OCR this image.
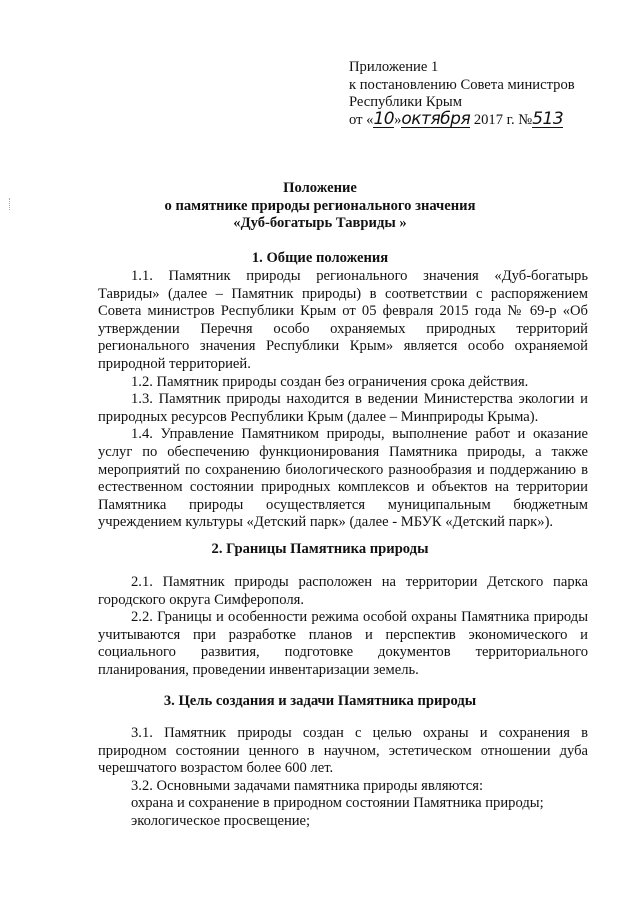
Приложение 1
к постановлению Совета министров
Республики Крым
от «10»октября 2017 г. №513
Положение
о памятнике природы регионального значения
«Дуб-богатырь Тавриды »
1. Общие положения

1.1. Памятник природы регионального значения «Дуб-богатырь Тавриды» (далее – Памятник природы) в соответствии с распоряжением Совета министров Республики Крым от 05 февраля 2015 года № 69-р «Об утверждении Перечня особо охраняемых природных территорий регионального значения Республики Крым» является особо охраняемой природной территорией.

1.2. Памятник природы создан без ограничения срока действия.

1.3. Памятник природы находится в ведении Министерства экологии и природных ресурсов Республики Крым (далее – Минприроды Крыма).

1.4. Управление Памятником природы, выполнение работ и оказание услуг по обеспечению функционирования Памятника природы, а также мероприятий по сохранению биологического разнообразия и поддержанию в естественном состоянии природных комплексов и объектов на территории Памятника природы осуществляется муниципальным бюджетным учреждением культуры «Детский парк» (далее - МБУК «Детский парк»).

2. Границы Памятника природы

2.1. Памятник природы расположен на территории Детского парка городского округа Симферополя.

2.2. Границы и особенности режима особой охраны Памятника природы учитываются при разработке планов и перспектив экономического и социального развития, подготовке документов территориального планирования, проведении инвентаризации земель.

3. Цель создания и задачи Памятника природы

3.1. Памятник природы создан с целью охраны и сохранения в природном состоянии ценного в научном, эстетическом отношении дуба черешчатого возрастом более 600 лет.

3.2. Основными задачами памятника природы являются:

охрана и сохранение в природном состоянии Памятника природы;

экологическое просвещение;
